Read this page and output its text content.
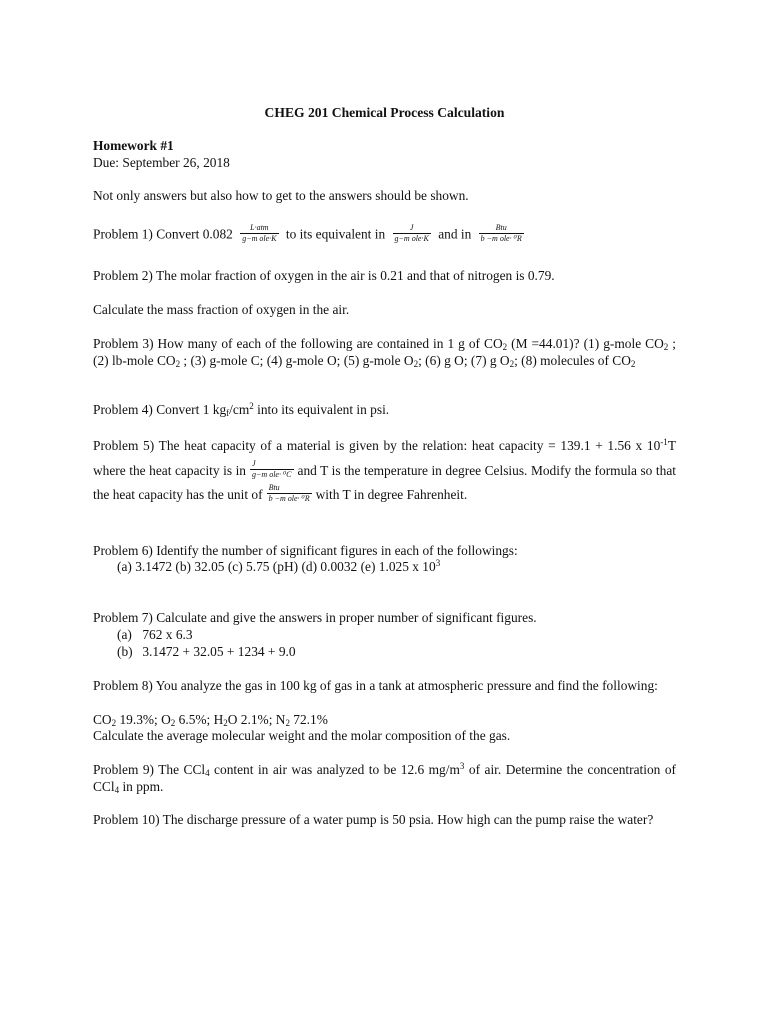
CHEG 201 Chemical Process Calculation
Homework #1
Due: September 26, 2018
Not only answers but also how to get to the answers should be shown.
Problem 1) Convert $0.082 \frac{\text{L·atm}}{\text{g−m ole·K}}$ to its equivalent in $\frac{J}{\text{g−m ole·K}}$ and in $\frac{\text{Btu}}{\text{b −m ole· ⁰R}}$
Problem 2) The molar fraction of oxygen in the air is 0.21 and that of nitrogen is 0.79.
Calculate the mass fraction of oxygen in the air.
Problem 3) How many of each of the following are contained in 1 g of $CO_2$ (M =44.01)? (1) g-mole $CO_2$ ; (2) lb-mole $CO_2$ ; (3) g-mole C; (4) g-mole O; (5) g-mole $O_2$; (6) g O; (7) g $O_2$; (8) molecules of $CO_2$
Problem 4) Convert 1 $kg_f/cm^2$ into its equivalent in psi.
Problem 5) The heat capacity of a material is given by the relation: heat capacity = 139.1 + 1.56 x $10^{-1}T$ where the heat capacity is in $\frac{J}{\text{g−m ole· ⁰C}}$ and T is the temperature in degree Celsius. Modify the formula so that the heat capacity has the unit of $\frac{\text{Btu}}{\text{b −m ole· ⁰R}}$ with T in degree Fahrenheit.
Problem 6) Identify the number of significant figures in each of the followings:
(a) 3.1472 (b) 32.05 (c) 5.75 (pH) (d) 0.0032 (e) 1.025 x $10^3$
Problem 7) Calculate and give the answers in proper number of significant figures.
(a) 762 x 6.3
(b) 3.1472 + 32.05 + 1234 + 9.0
Problem 8) You analyze the gas in 100 kg of gas in a tank at atmospheric pressure and find the following:
$CO_2$ 19.3%; $O_2$ 6.5%; $H_2O$ 2.1%; $N_2$ 72.1%
Calculate the average molecular weight and the molar composition of the gas.
Problem 9) The CCl$_4$ content in air was analyzed to be 12.6 $mg/m^3$ of air. Determine the concentration of CCl$_4$ in ppm.
Problem 10) The discharge pressure of a water pump is 50 psia. How high can the pump raise the water?
